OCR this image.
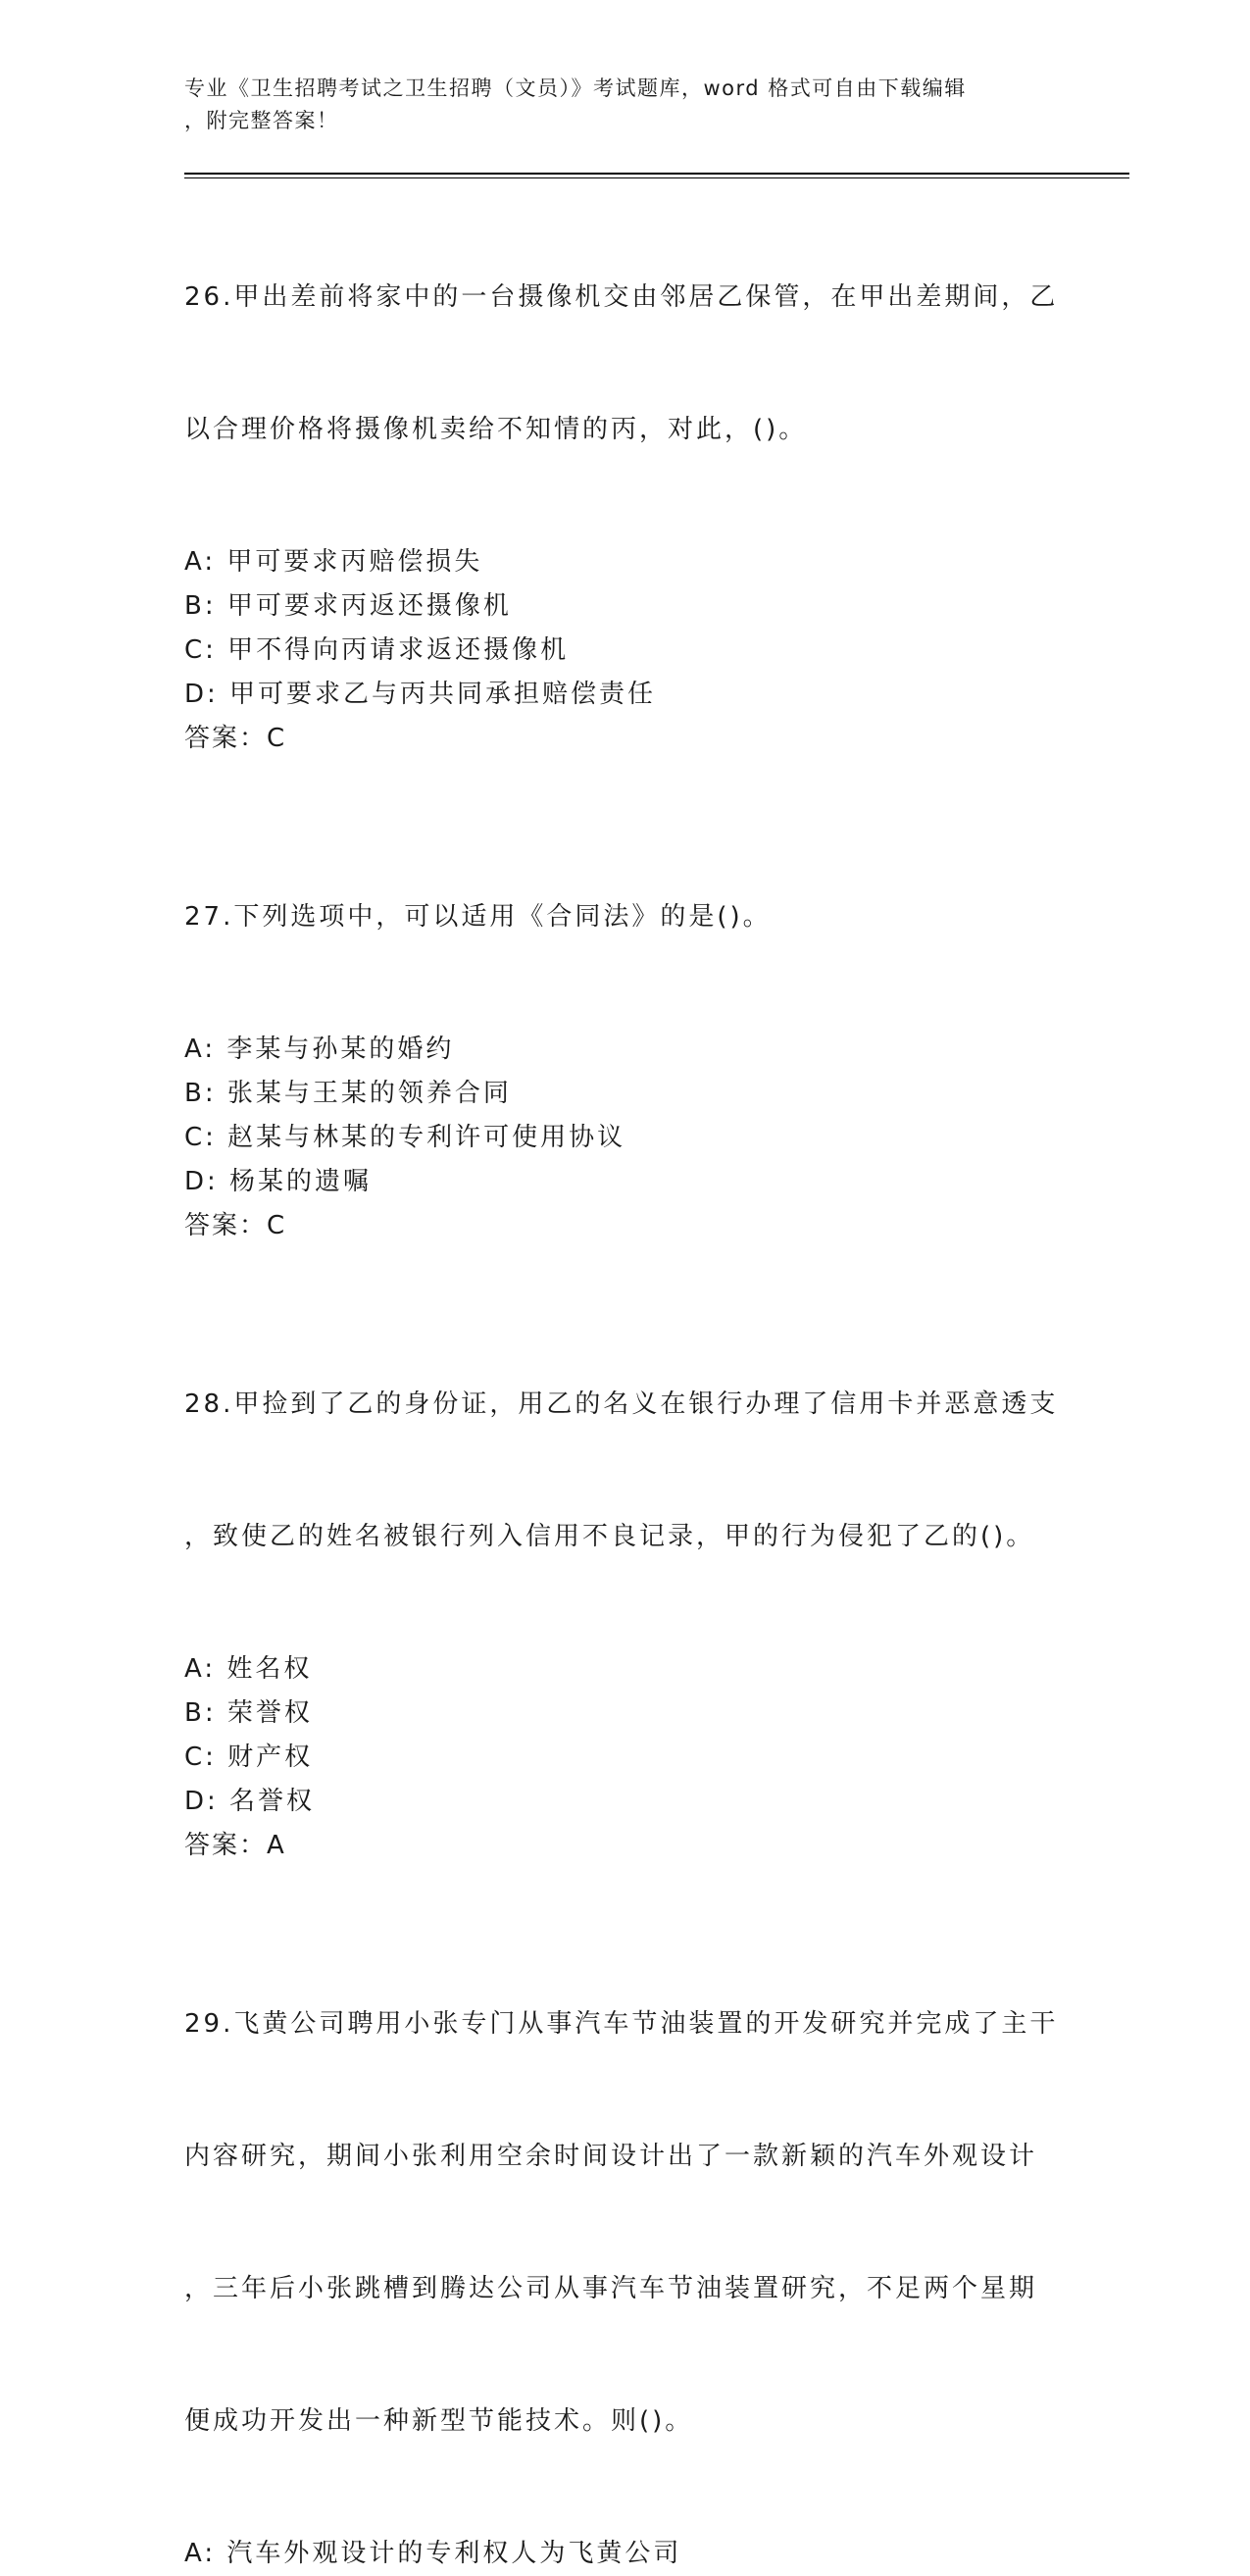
专业《卫生招聘考试之卫生招聘（文员）》考试题库，word 格式可自由下载编辑
，附完整答案！

26.甲出差前将家中的一台摄像机交由邻居乙保管，在甲出差期间，乙

以合理价格将摄像机卖给不知情的丙，对此，()。

A: 甲可要求丙赔偿损失
B: 甲可要求丙返还摄像机
C: 甲不得向丙请求返还摄像机
D: 甲可要求乙与丙共同承担赔偿责任
答案：C

27.下列选项中，可以适用《合同法》的是()。

A: 李某与孙某的婚约
B: 张某与王某的领养合同
C: 赵某与林某的专利许可使用协议
D: 杨某的遗嘱
答案：C

28.甲捡到了乙的身份证，用乙的名义在银行办理了信用卡并恶意透支

，致使乙的姓名被银行列入信用不良记录，甲的行为侵犯了乙的()。

A: 姓名权
B: 荣誉权
C: 财产权
D: 名誉权
答案：A

29.飞黄公司聘用小张专门从事汽车节油装置的开发研究并完成了主干

内容研究，期间小张利用空余时间设计出了一款新颖的汽车外观设计

，三年后小张跳槽到腾达公司从事汽车节油装置研究，不足两个星期

便成功开发出一种新型节能技术。则()。

A: 汽车外观设计的专利权人为飞黄公司
